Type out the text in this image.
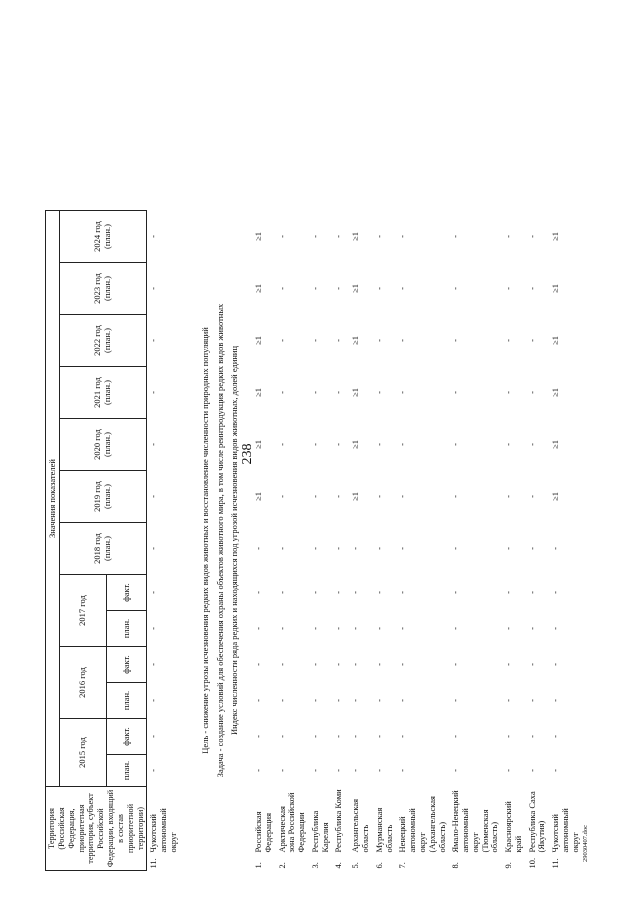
238
29030407.doc
Территория (Российская Федерация, приоритетная территория, субъект Российской Федерации, входящий в состав приоритетной территории)		Значения показателей												
		2015 год		2016 год		2017 год		2018 год (план.)	2019 год (план.)	2020 год (план.)	2021 год (план.)	2022 год (план.)	2023 год (план.)	2024 год (план.)
		план.	факт.	план.	факт.	план.	факт.							
11.	Чукотский автономный округ	-	-	-	-	-	-	-	-	-	-	-	-	-

Цель - снижение угрозы исчезновения редких видов животных и восстановление численности природных популяций Задача - создание условий для обеспечения охраны объектов животного мира, в том числе реинтродукция редких видов животных Индекс численности ряда редких и находящихся под угрозой исчезновения видов животных, долей единиц														

1.	Российская Федерация	-	-	-	-	-	-	-	≥1	≥1	≥1	≥1	≥1	≥1
2.	Арктическая зона Российской Федерации	-	-	-	-	-	-	-	-	-	-	-	-	-
3.	Республика Карелия	-	-	-	-	-	-	-	-	-	-	-	-	-
4.	Республика Коми	-	-	-	-	-	-	-	-	-	-	-	-	-
5.	Архангельская область	-	-	-	-	-	-	-	≥1	≥1	≥1	≥1	≥1	≥1
6.	Мурманская область	-	-	-	-	-	-	-	-	-	-	-	-	-
7.	Ненецкий автономный округ (Архангельская область)	-	-	-	-	-	-	-	-	-	-	-	-	-
8.	Ямало-Ненецкий автономный округ (Тюменская область)	-	-	-	-	-	-	-	-	-	-	-	-	-
9.	Красноярский край	-	-	-	-	-	-	-	-	-	-	-	-	-
10.	Республика Саха (Якутия)	-	-	-	-	-	-	-	-	-	-	-	-	-
11.	Чукотский автономный округ	-	-	-	-	-	-	-	≥1	≥1	≥1	≥1	≥1	≥1
